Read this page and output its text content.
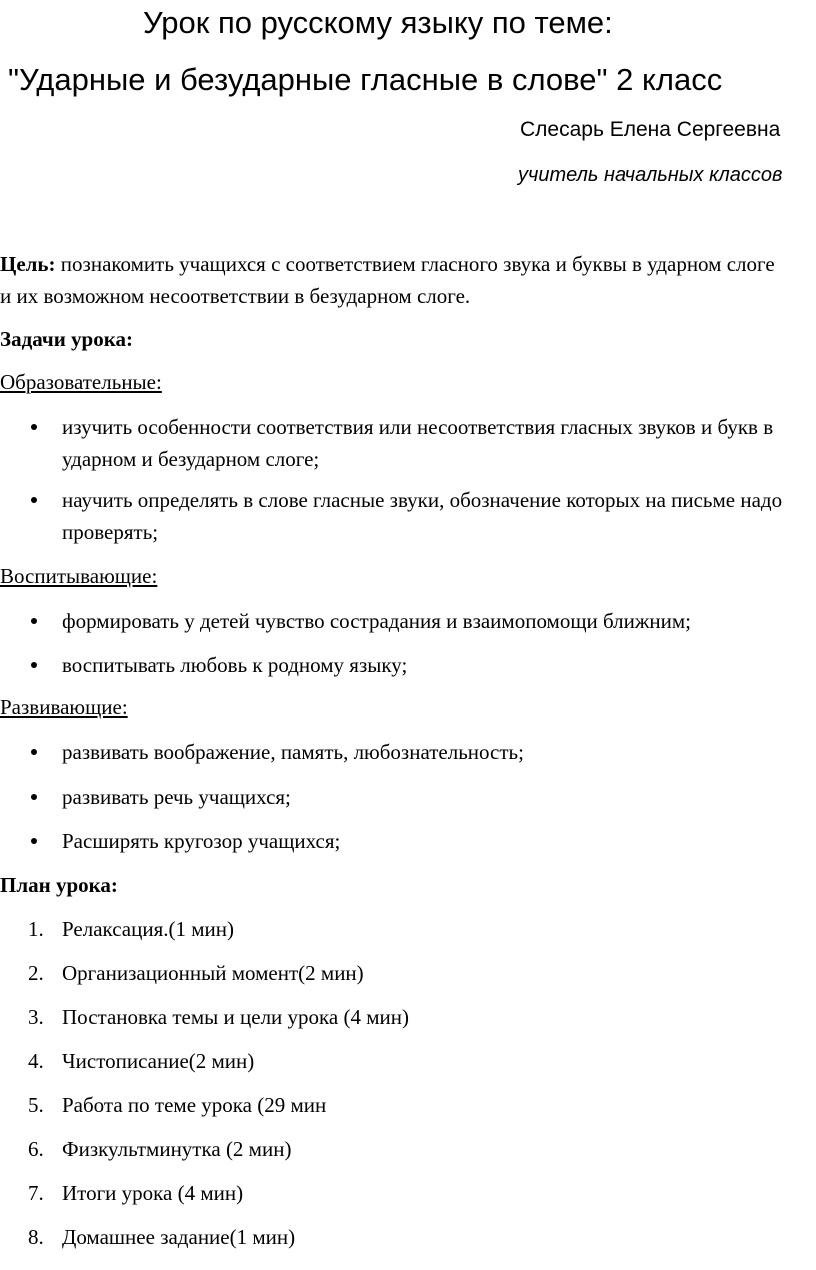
Урок по русскому языку по теме:
"Ударные и безударные гласные в слове" 2 класс
Слесарь Елена Сергеевна
учитель начальных классов
Цель: познакомить учащихся с соответствием гласного звука и буквы в ударном слоге и их возможном несоответствии в безударном слоге.
Задачи урока:
Образовательные:
изучить особенности соответствия или несоответствия гласных звуков и букв в ударном и безударном слоге;
научить определять в слове гласные звуки, обозначение которых на письме надо проверять;
Воспитывающие:
формировать у детей чувство сострадания и взаимопомощи ближним;
воспитывать любовь к родному языку;
Развивающие:
развивать воображение, память, любознательность;
развивать речь учащихся;
Расширять кругозор учащихся;
План урока:
1. Релаксация.(1 мин)
2. Организационный момент(2 мин)
3. Постановка темы и цели урока (4 мин)
4. Чистописание(2 мин)
5. Работа по теме урока (29 мин
6. Физкультминутка (2 мин)
7. Итоги урока (4 мин)
8. Домашнее задание(1 мин)
